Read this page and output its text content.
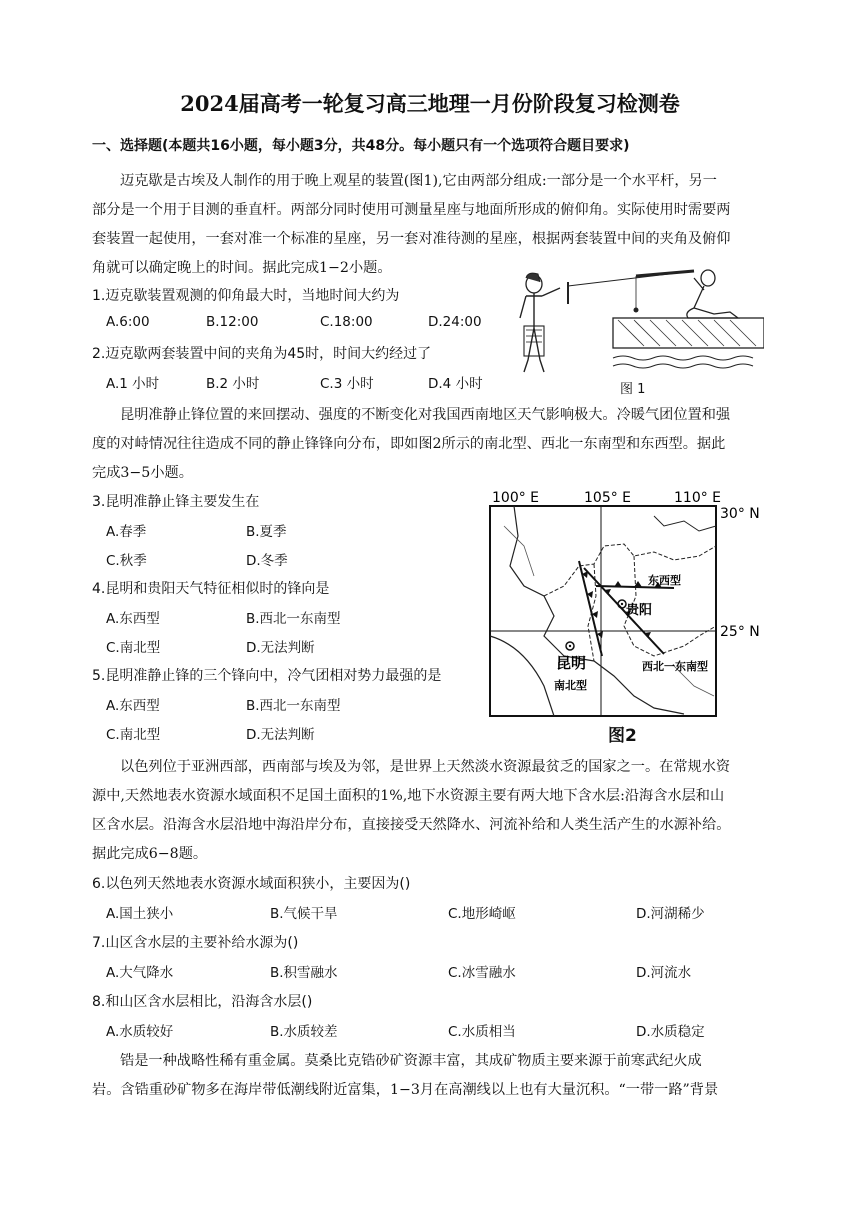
2024届高考一轮复习高三地理一月份阶段复习检测卷
一、选择题(本题共16小题，每小题3分，共48分。每小题只有一个选项符合题目要求)
迈克歇是古埃及人制作的用于晚上观星的装置(图1),它由两部分组成:一部分是一个水平杆，另一
部分是一个用于目测的垂直杆。两部分同时使用可测量星座与地面所形成的俯仰角。实际使用时需要两
套装置一起使用，一套对准一个标准的星座，另一套对准待测的星座，根据两套装置中间的夹角及俯仰
角就可以确定晚上的时间。据此完成1−2小题。
1.迈克歇装置观测的仰角最大时，当地时间大约为
A.6:00	B.12:00	C.18:00	D.24:00
2.迈克歇两套装置中间的夹角为45时，时间大约经过了
A.1 小时	B.2 小时	C.3 小时	D.4 小时	图 1
昆明准静止锋位置的来回摆动、强度的不断变化对我国西南地区天气影响极大。冷暖气团位置和强
度的对峙情况往往造成不同的静止锋锋向分布，即如图2所示的南北型、西北一东南型和东西型。据此
完成3−5小题。
3.昆明准静止锋主要发生在
A.春季	B.夏季
C.秋季	D.冬季
4.昆明和贵阳天气特征相似时的锋向是
A.东西型	B.西北一东南型
C.南北型	D.无法判断
5.昆明准静止锋的三个锋向中，冷气团相对势力最强的是
A.东西型	B.西北一东南型
C.南北型	D.无法判断
100° E	105° E	110° E
30° N
25° N
贵阳
昆明
东西型
西北一东南型
南北型
图2
以色列位于亚洲西部，西南部与埃及为邻，是世界上天然淡水资源最贫乏的国家之一。在常规水资
源中,天然地表水资源水域面积不足国土面积的1%,地下水资源主要有两大地下含水层:沿海含水层和山
区含水层。沿海含水层沿地中海沿岸分布，直接接受天然降水、河流补给和人类生活产生的水源补给。
据此完成6−8题。
6.以色列天然地表水资源水域面积狭小，主要因为()
A.国土狭小	B.气候干旱	C.地形崎岖	D.河湖稀少
7.山区含水层的主要补给水源为()
A.大气降水	B.积雪融水	C.冰雪融水	D.河流水
8.和山区含水层相比，沿海含水层()
A.水质较好	B.水质较差	C.水质相当	D.水质稳定
锆是一种战略性稀有重金属。莫桑比克锆砂矿资源丰富，其成矿物质主要来源于前寒武纪火成
岩。含锆重砂矿物多在海岸带低潮线附近富集，1−3月在高潮线以上也有大量沉积。“一带一路”背景
